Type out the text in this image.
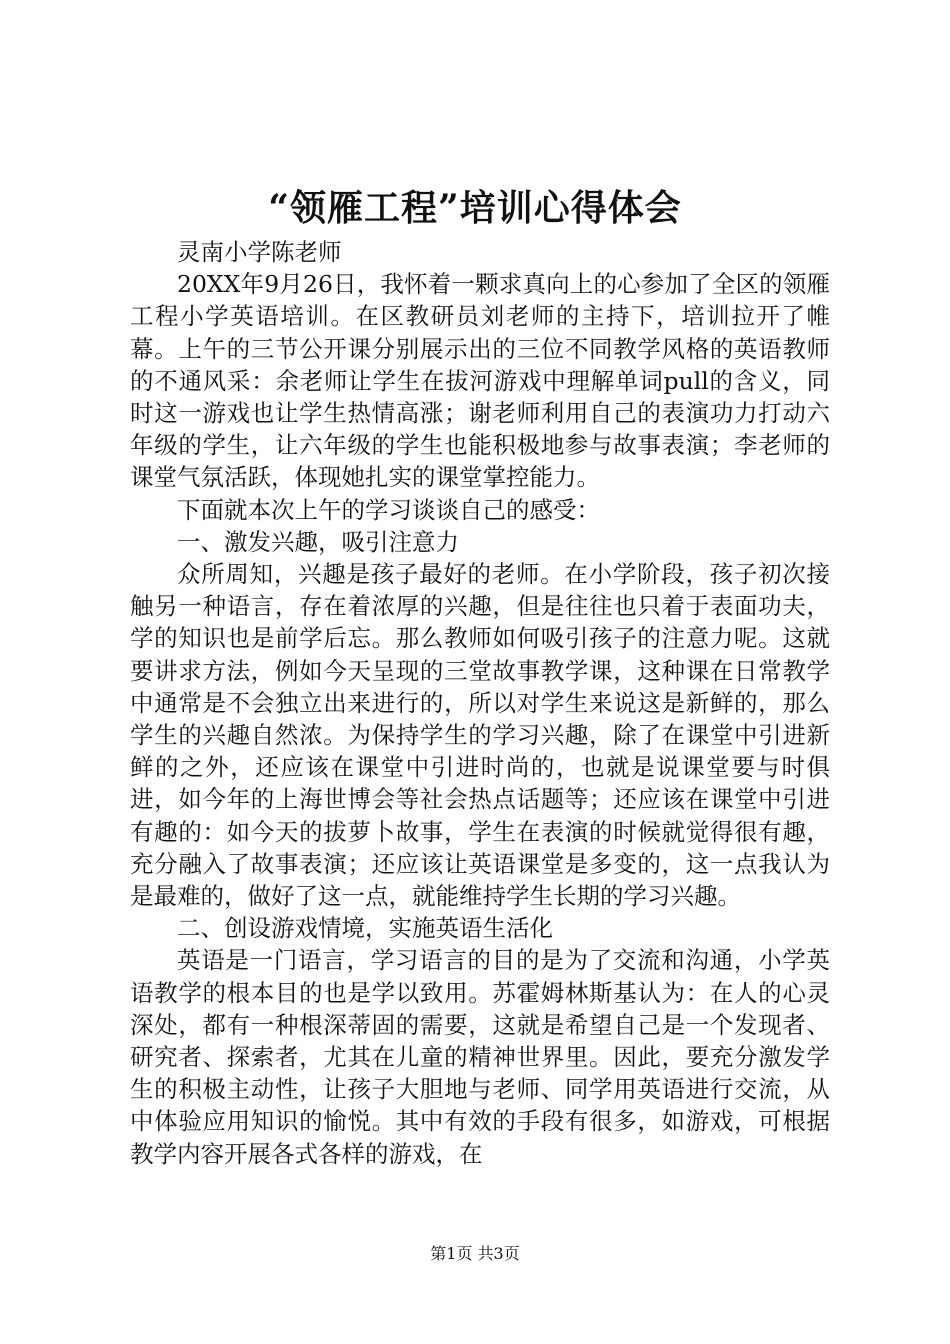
“领雁工程”培训心得体会

灵南小学陈老师

20XX年9月26日，我怀着一颗求真向上的心参加了全区的领雁工程小学英语培训。在区教研员刘老师的主持下，培训拉开了帷幕。上午的三节公开课分别展示出的三位不同教学风格的英语教师的不通风采：余老师让学生在拔河游戏中理解单词pull的含义，同时这一游戏也让学生热情高涨；谢老师利用自己的表演功力打动六年级的学生，让六年级的学生也能积极地参与故事表演；李老师的课堂气氛活跃，体现她扎实的课堂掌控能力。

下面就本次上午的学习谈谈自己的感受：

一、激发兴趣，吸引注意力

众所周知，兴趣是孩子最好的老师。在小学阶段，孩子初次接触另一种语言，存在着浓厚的兴趣，但是往往也只着于表面功夫，学的知识也是前学后忘。那么教师如何吸引孩子的注意力呢。这就要讲求方法，例如今天呈现的三堂故事教学课，这种课在日常教学中通常是不会独立出来进行的，所以对学生来说这是新鲜的，那么学生的兴趣自然浓。为保持学生的学习兴趣，除了在课堂中引进新鲜的之外，还应该在课堂中引进时尚的，也就是说课堂要与时俱进，如今年的上海世博会等社会热点话题等；还应该在课堂中引进有趣的：如今天的拔萝卜故事，学生在表演的时候就觉得很有趣，充分融入了故事表演；还应该让英语课堂是多变的，这一点我认为是最难的，做好了这一点，就能维持学生长期的学习兴趣。

二、创设游戏情境，实施英语生活化

英语是一门语言，学习语言的目的是为了交流和沟通，小学英语教学的根本目的也是学以致用。苏霍姆林斯基认为：在人的心灵深处，都有一种根深蒂固的需要，这就是希望自己是一个发现者、研究者、探索者，尤其在儿童的精神世界里。因此，要充分激发学生的积极主动性，让孩子大胆地与老师、同学用英语进行交流，从中体验应用知识的愉悦。其中有效的手段有很多，如游戏，可根据教学内容开展各式各样的游戏，在

第1页 共3页
